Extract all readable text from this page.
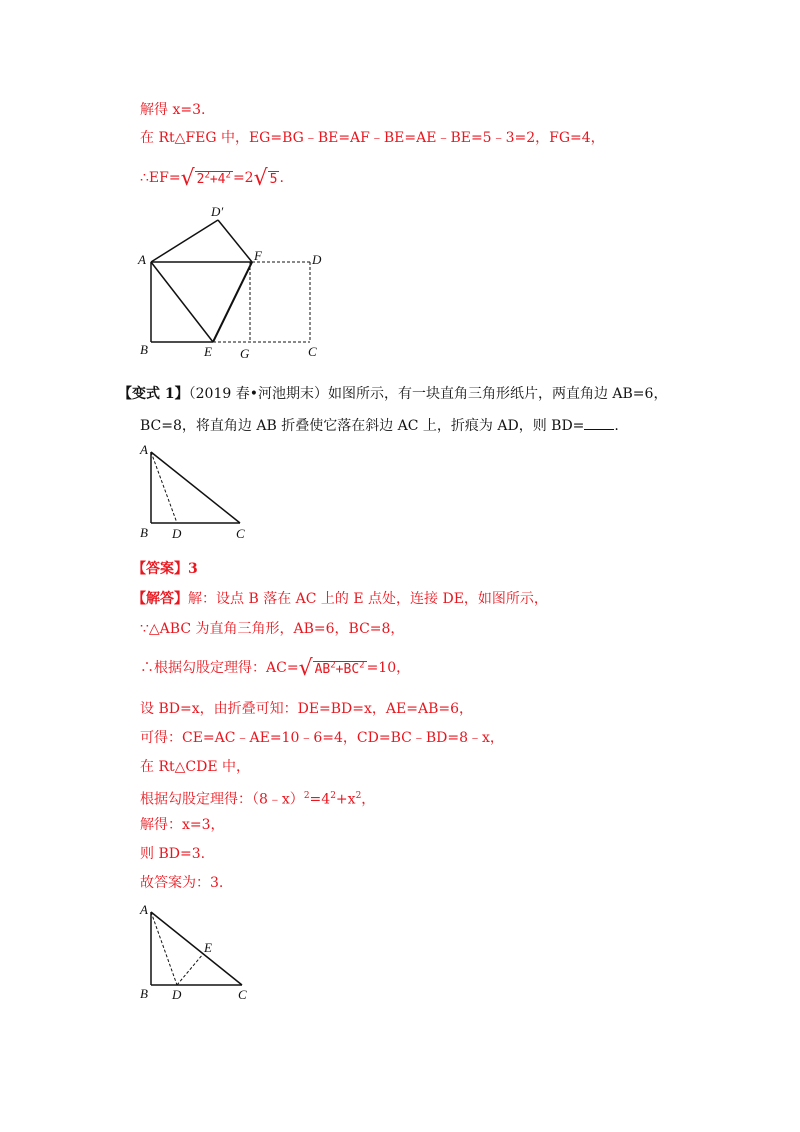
解得 x=3.
在 Rt△FEG 中，EG=BG﹣BE=AF﹣BE=AE﹣BE=5﹣3=2，FG=4，
∴EF=√ $2^2+4^2 =2√$ 5 .
D′
A	F	D
B	E G	C
【变式 1】（2019 春•河池期末）如图所示，有一块直角三角形纸片，两直角边 AB=6，
BC=8，将直角边 AB 折叠使它落在斜边 AC 上，折痕为 AD，则 BD= .
A
B D	C
【答案】3
【解答】解：设点 B 落在 AC 上的 E 点处，连接 DE，如图所示，
∵△ABC 为直角三角形，AB=6，BC=8，
∴根据勾股定理得：AC=√ $AB^2+BC^2 =10$，
设 BD=x，由折叠可知：DE=BD=x，AE=AB=6，
可得：CE=AC﹣AE=10﹣6=4，CD=BC﹣BD=8﹣x，
在 Rt△CDE 中，
根据勾股定理得：$(8﹣x)^2=4^2+x^2$，
解得：x=3，
则 BD=3.
故答案为：3.
A
E
B D	C
